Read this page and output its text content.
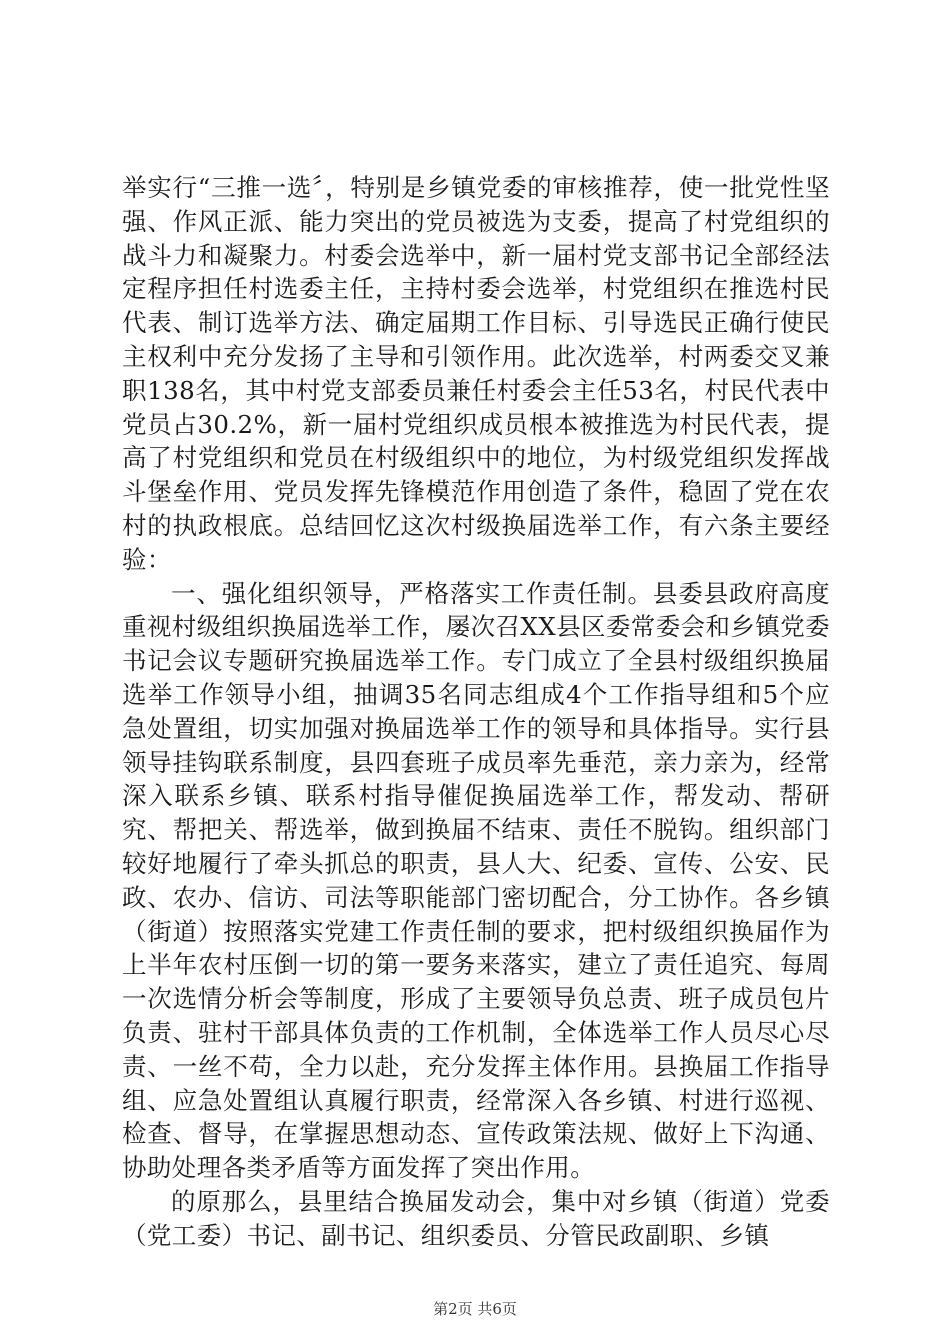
举实行“三推一选〞，特别是乡镇党委的审核推荐，使一批党性坚强、作风正派、能力突出的党员被选为支委，提高了村党组织的战斗力和凝聚力。村委会选举中，新一届村党支部书记全部经法定程序担任村选委主任，主持村委会选举，村党组织在推选村民代表、制订选举方法、确定届期工作目标、引导选民正确行使民主权利中充分发扬了主导和引领作用。此次选举，村两委交叉兼职138名，其中村党支部委员兼任村委会主任53名，村民代表中党员占30.2%，新一届村党组织成员根本被推选为村民代表，提高了村党组织和党员在村级组织中的地位，为村级党组织发挥战斗堡垒作用、党员发挥先锋模范作用创造了条件，稳固了党在农村的执政根底。总结回忆这次村级换届选举工作，有六条主要经验：

一、强化组织领导，严格落实工作责任制。县委县政府高度重视村级组织换届选举工作，屡次召XX县区委常委会和乡镇党委书记会议专题研究换届选举工作。专门成立了全县村级组织换届选举工作领导小组，抽调35名同志组成4个工作指导组和5个应急处置组，切实加强对换届选举工作的领导和具体指导。实行县领导挂钩联系制度，县四套班子成员率先垂范，亲力亲为，经常深入联系乡镇、联系村指导催促换届选举工作，帮发动、帮研究、帮把关、帮选举，做到换届不结束、责任不脱钩。组织部门较好地履行了牵头抓总的职责，县人大、纪委、宣传、公安、民政、农办、信访、司法等职能部门密切配合，分工协作。各乡镇（街道）按照落实党建工作责任制的要求，把村级组织换届作为上半年农村压倒一切的第一要务来落实，建立了责任追究、每周一次选情分析会等制度，形成了主要领导负总责、班子成员包片负责、驻村干部具体负责的工作机制，全体选举工作人员尽心尽责、一丝不苟，全力以赴，充分发挥主体作用。县换届工作指导组、应急处置组认真履行职责，经常深入各乡镇、村进行巡视、检查、督导，在掌握思想动态、宣传政策法规、做好上下沟通、协助处理各类矛盾等方面发挥了突出作用。

的原那么，县里结合换届发动会，集中对乡镇（街道）党委（党工委）书记、副书记、组织委员、分管民政副职、乡镇

第2页 共6页
